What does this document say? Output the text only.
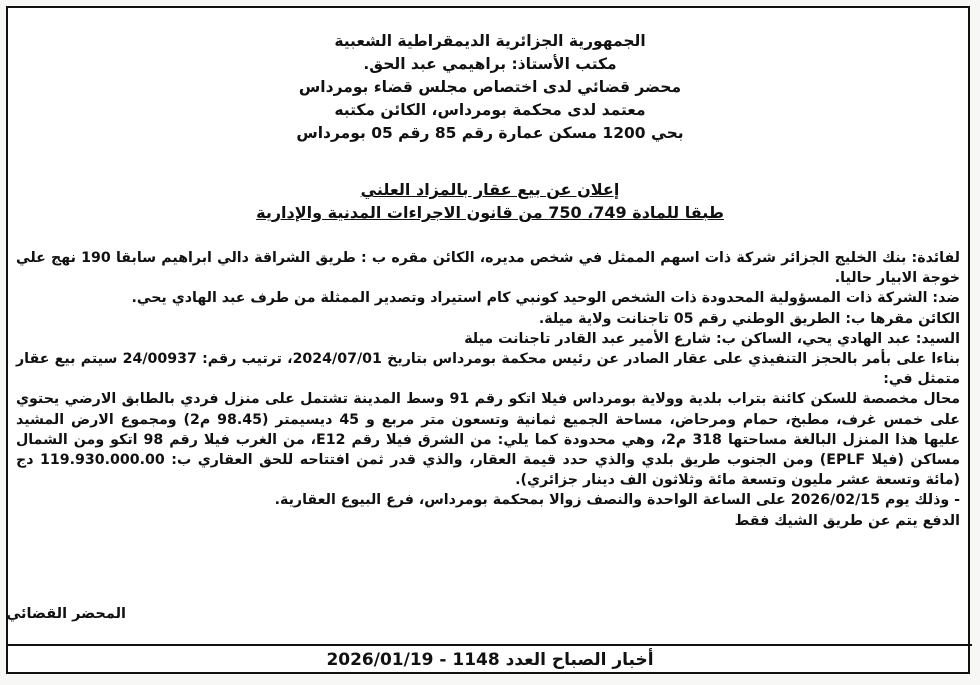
الجمهورية الجزائرية الديمقراطية الشعبية
مكتب الأستاذ: براهيمي عبد الحق.
محضر قضائي لدى اختصاص مجلس قضاء بومرداس
معتمد لدى محكمة بومرداس، الكائن مكتبه
بحي 1200 مسكن عمارة رقم 85 رقم 05 بومرداس
إعلان عن بيع عقار بالمزاد العلني
طبقا للمادة 749، 750 من قانون الاجراءات المدنية والإدارية

لفائدة: بنك الخليج الجزائر شركة ذات اسهم الممثل في شخص مديره، الكائن مقره ب : طريق الشراقة دالي ابراهيم سابقا 190 نهج علي خوجة الابيار حاليا.

ضد: الشركة ذات المسؤولية المحدودة ذات الشخص الوحيد كونبي كام استيراد وتصدير الممثلة من طرف عبد الهادي يحي.

الكائن مقرها ب: الطريق الوطني رقم 05 تاجنانت ولاية ميلة.

السيد: عبد الهادي يحي، الساكن ب: شارع الأمير عبد القادر تاجنانت ميلة

بناءا على بأمر بالحجز التنفيذي على عقار الصادر عن رئيس محكمة بومرداس بتاريخ 2024/07/01، ترتيب رقم: 24/00937 سيتم بيع عقار متمثل في:

محال مخصصة للسكن كائنة بتراب بلدية وولاية بومرداس فيلا اتكو رقم 91 وسط المدينة تشتمل على منزل فردي بالطابق الارضي يحتوي على خمس غرف، مطبخ، حمام ومرحاض، مساحة الجميع ثمانية وتسعون متر مربع و 45 ديسيمتر (98.45 م2) ومجموع الارض المشيد عليها هذا المنزل البالغة مساحتها 318 م2، وهي محدودة كما يلي: من الشرق فيلا رقم E12، من الغرب فيلا رقم 98 اتكو ومن الشمال مساكن (فيلا EPLF) ومن الجنوب طريق بلدي والذي حدد قيمة العقار، والذي قدر ثمن افتتاحه للحق العقاري ب: 119.930.000.00 دج (مائة وتسعة عشر مليون وتسعة مائة وثلاثون الف دينار جزائري).

- وذلك يوم 2026/02/15 على الساعة الواحدة والنصف زوالا بمحكمة بومرداس، فرع البيوع العقارية.

الدفع يتم عن طريق الشيك فقط

المحضر القضائي
أخبار الصباح العدد 1148 - 2026/01/19
